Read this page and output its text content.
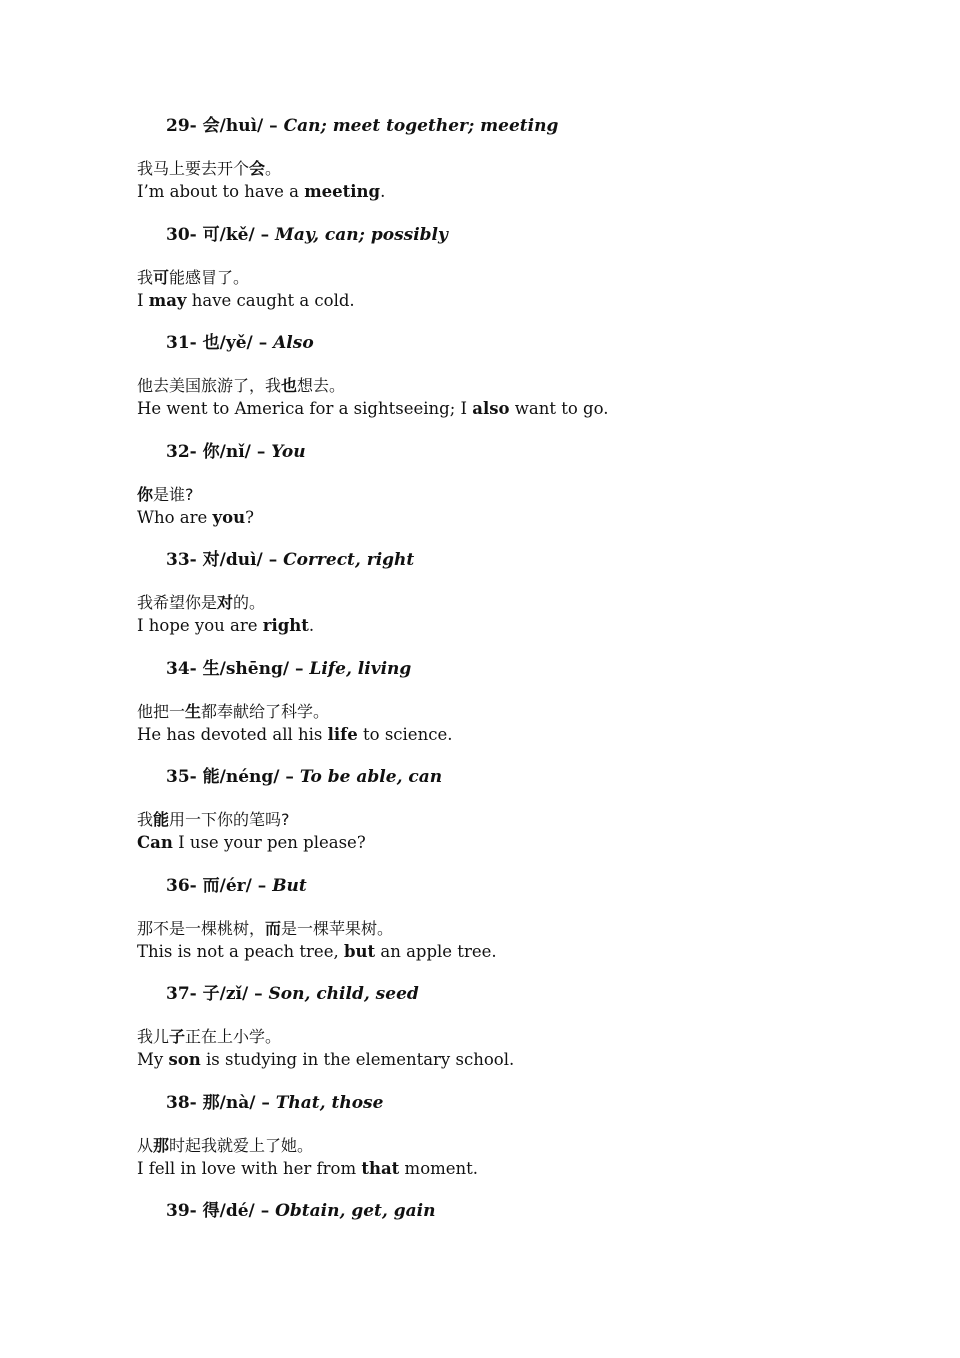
29- 会/huì/ – Can; meet together; meeting
我马上要去开个会。
I’m about to have a meeting.
30- 可/kě/ – May, can; possibly
我可能感冒了。
I may have caught a cold.
31- 也/yě/ – Also
他去美国旅游了，我也想去。
He went to America for a sightseeing; I also want to go.
32- 你/nǐ/ – You
你是谁?
Who are you?
33- 对/duì/ – Correct, right
我希望你是对的。
I hope you are right.
34- 生/shēng/ – Life, living
他把一生都奉献给了科学。
He has devoted all his life to science.
35- 能/néng/ – To be able, can
我能用一下你的笔吗?
Can I use your pen please?
36- 而/ér/ – But
那不是一棵桃树，而是一棵苹果树。
This is not a peach tree, but an apple tree.
37- 子/zǐ/ – Son, child, seed
我儿子正在上小学。
My son is studying in the elementary school.
38- 那/nà/ – That, those
从那时起我就爱上了她。
I fell in love with her from that moment.
39- 得/dé/ – Obtain, get, gain
